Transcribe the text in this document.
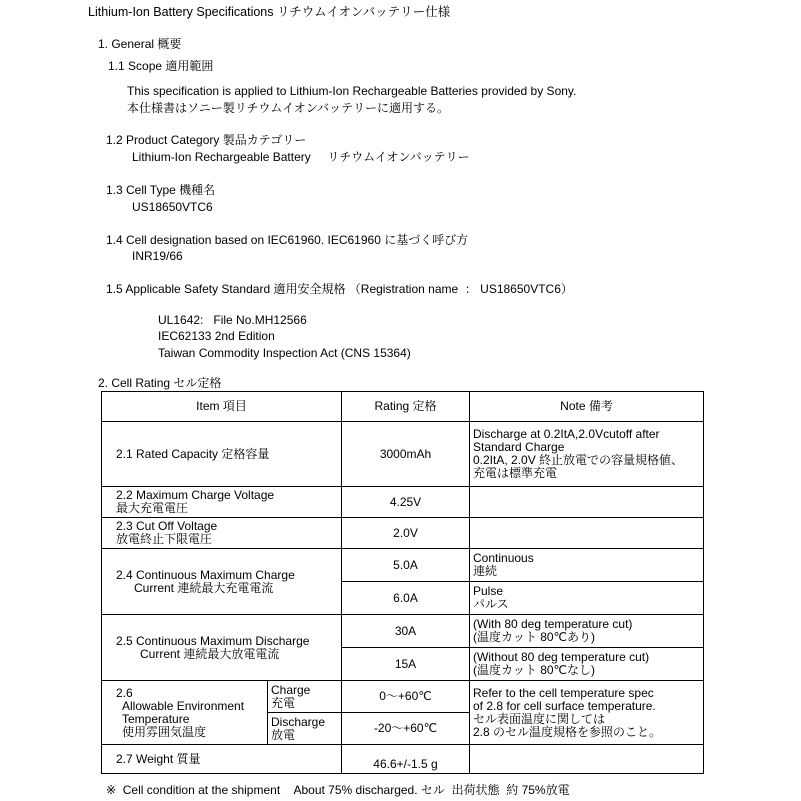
Lithium-Ion Battery Specifications リチウムイオンバッテリー仕様
1. General 概要
1.1 Scope 適用範囲
This specification is applied to Lithium-Ion Rechargeable Batteries provided by Sony.
本仕様書はソニー製リチウムイオンバッテリーに適用する。
1.2 Product Category 製品カテゴリー
Lithium-Ion Rechargeable Battery     リチウムイオンバッテリー
1.3 Cell Type 機種名
US18650VTC6
1.4 Cell designation based on IEC61960. IEC61960 に基づく呼び方
INR19/66
1.5 Applicable Safety Standard 適用安全規格 （Registration name  ： US18650VTC6）
UL1642:   File No.MH12566
IEC62133 2nd Edition
Taiwan Commodity Inspection Act (CNS 15364)
2. Cell Rating セル定格
Item 項目		Rating 定格	Note 備考
2.1 Rated Capacity 定格容量		3000mAh	Discharge at 0.2ItA,2.0Vcutoff after
Standard Charge
0.2ItA, 2.0V 終止放電での容量規格値、
充電は標準充電

2.2 Maximum Charge Voltage
最大充電電圧		4.25V	

2.3 Cut Off Voltage
放電終止下限電圧		2.0V	

2.4 Continuous Maximum Charge
Current 連続最大充電電流		5.0A	Continuous
連続

		6.0A	Pulse
パルス

2.5 Continuous Maximum Discharge
Current 連続最大放電電流		30A	(With 80 deg temperature cut)
(温度カット 80℃あり)

		15A	(Without 80 deg temperature cut)
(温度カット 80℃なし)

2.6
Allowable Environment
Temperature
使用雰囲気温度	Charge
充電	0〜+60℃	Refer to the cell temperature spec
of 2.8 for cell surface temperature.
セル表面温度に関しては
2.8 のセル温度規格を参照のこと。

	Discharge
放電	-20〜+60℃	
2.7 Weight 質量		46.6+/-1.5 g	
※  Cell condition at the shipment    About 75% discharged. セル  出荷状態  約 75%放電
